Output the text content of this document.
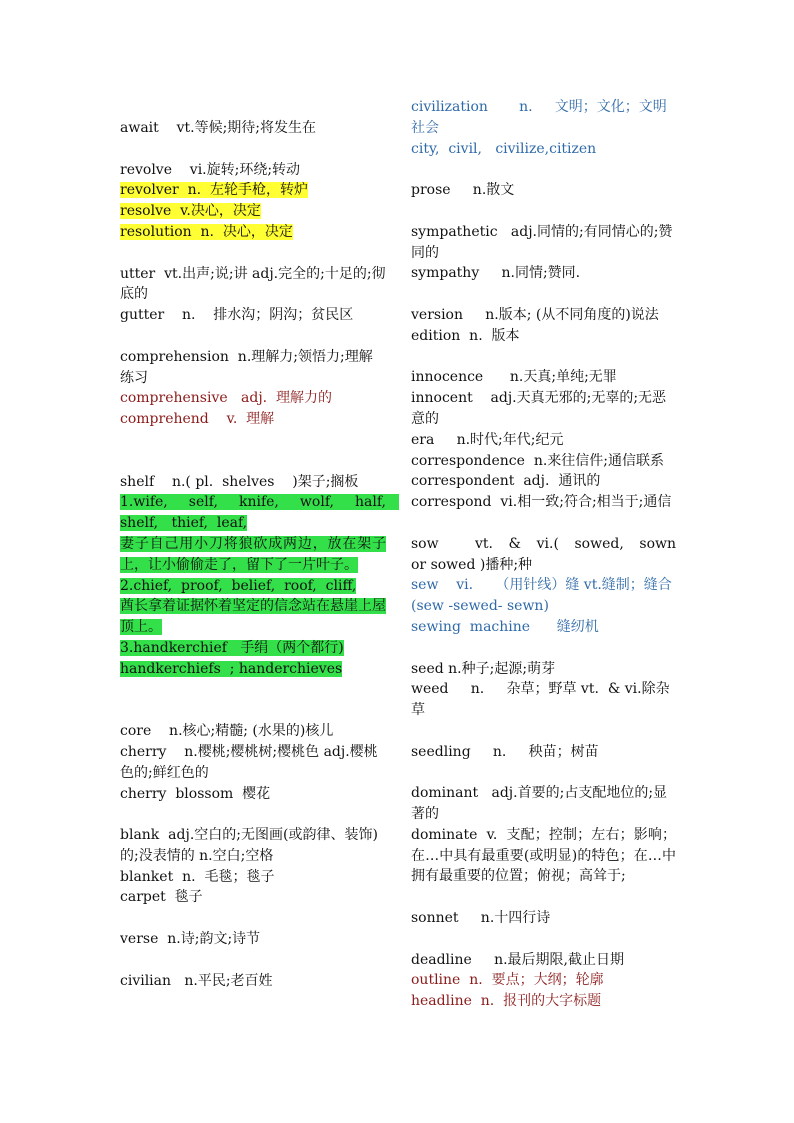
await    vt.等候;期待;将发生在

revolve    vi.旋转;环绕;转动

revolver  n.  左轮手枪，转炉

resolve  v.决心，决定

resolution  n.  决心，决定

utter  vt.出声;说;讲 adj.完全的;十足的;彻底的

gutter    n.    排水沟；阴沟；贫民区

comprehension  n.理解力;领悟力;理解练习

comprehensive   adj.  理解力的

comprehend    v.  理解

shelf    n.( pl.  shelves    )架子;搁板

1.wife,   self,   knife,   wolf,   half,   shelf,   thief,  leaf,

妻子自己用小刀将狼砍成两边，放在架子上，让小偷偷走了，留下了一片叶子。

2.chief,  proof,  belief,  roof,  cliff,

酋长拿着证据怀着坚定的信念站在悬崖上屋顶上。

3.handkerchief   手绢（两个都行)

handkerchiefs  ; handerchieves

core    n.核心;精髓; (水果的)核儿

cherry    n.樱桃;樱桃树;樱桃色 adj.樱桃色的;鲜红色的

cherry  blossom  樱花

blank  adj.空白的;无图画(或韵律、装饰)的;没表情的 n.空白;空格

blanket  n.  毛毯；毯子

carpet  毯子

verse  n.诗;韵文;诗节

civilian   n.平民;老百姓

civilization       n.     文明；文化；文明社会

city,  civil,   civilize,citizen

prose     n.散文

sympathetic   adj.同情的;有同情心的;赞同的

sympathy     n.同情;赞同.

version     n.版本; (从不同角度的)说法

edition  n.  版本

innocence      n.天真;单纯;无罪

innocent    adj.天真无邪的;无辜的;无恶意的

era     n.时代;年代;纪元

correspondence  n.来往信件;通信联系

correspondent  adj.  通讯的

correspond  vi.相一致;符合;相当于;通信

sow       vt.   &   vi.(   sowed,   sown     or sowed )播种;种

sew    vi.     （用针线）缝 vt.缝制；缝合

(sew -sewed- sewn)

sewing  machine      缝纫机

seed n.种子;起源;萌芽

weed     n.     杂草；野草 vt.  & vi.除杂草

seedling     n.     秧苗；树苗

dominant   adj.首要的;占支配地位的;显著的

dominate  v.  支配；控制；左右；影响；在…中具有最重要(或明显)的特色；在…中拥有最重要的位置；俯视；高耸于;

sonnet     n.十四行诗

deadline     n.最后期限,截止日期

outline  n.  要点；大纲；轮廓

headline  n.  报刊的大字标题
